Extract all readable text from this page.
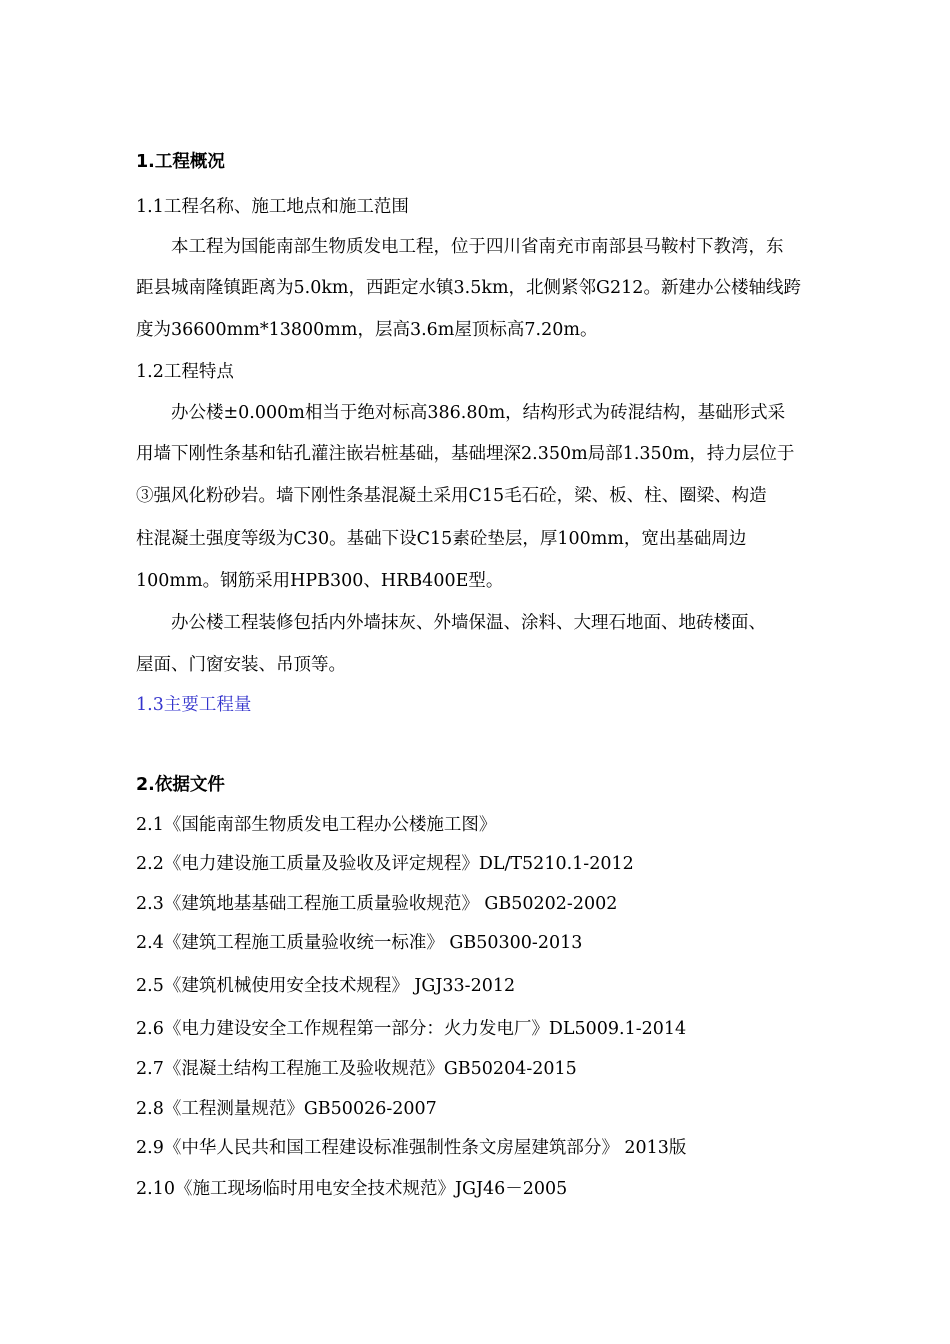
1.工程概况
1.1工程名称、施工地点和施工范围
本工程为国能南部生物质发电工程，位于四川省南充市南部县马鞍村下教湾，东
距县城南隆镇距离为5.0km，西距定水镇3.5km，北侧紧邻G212。新建办公楼轴线跨
度为36600mm*13800mm，层高3.6m屋顶标高7.20m。
1.2工程特点
办公楼±0.000m相当于绝对标高386.80m，结构形式为砖混结构，基础形式采
用墙下刚性条基和钻孔灌注嵌岩桩基础，基础埋深2.350m局部1.350m，持力层位于
③强风化粉砂岩。墙下刚性条基混凝土采用C15毛石砼，梁、板、柱、圈梁、构造
柱混凝土强度等级为C30。基础下设C15素砼垫层，厚100mm，宽出基础周边
100mm。钢筋采用HPB300、HRB400E型。
办公楼工程装修包括内外墙抹灰、外墙保温、涂料、大理石地面、地砖楼面、
屋面、门窗安装、吊顶等。
1.3主要工程量
2.依据文件
2.1《国能南部生物质发电工程办公楼施工图》
2.2《电力建设施工质量及验收及评定规程》DL/T5210.1-2012
2.3《建筑地基基础工程施工质量验收规范》 GB50202-2002
2.4《建筑工程施工质量验收统一标准》 GB50300-2013
2.5《建筑机械使用安全技术规程》 JGJ33-2012
2.6《电力建设安全工作规程第一部分：火力发电厂》DL5009.1-2014
2.7《混凝土结构工程施工及验收规范》GB50204-2015
2.8《工程测量规范》GB50026-2007
2.9《中华人民共和国工程建设标准强制性条文房屋建筑部分》 2013版
2.10《施工现场临时用电安全技术规范》JGJ46－2005
